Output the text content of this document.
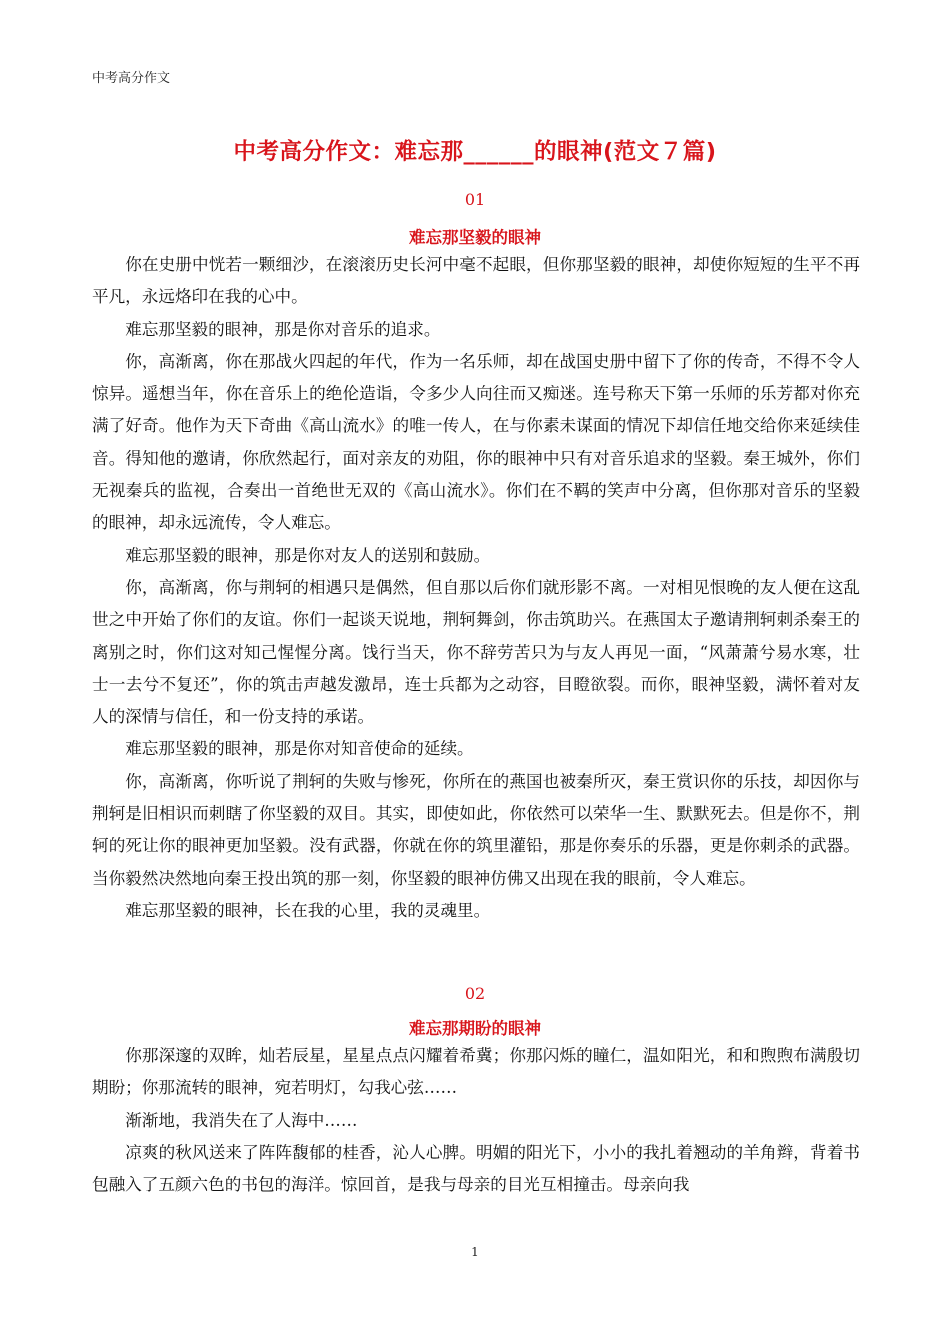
中考高分作文
中考高分作文：难忘那______的眼神(范文７篇)
01
难忘那坚毅的眼神

你在史册中恍若一颗细沙，在滚滚历史长河中毫不起眼，但你那坚毅的眼神，却使你短短的生平不再平凡，永远烙印在我的心中。

难忘那坚毅的眼神，那是你对音乐的追求。

你，高渐离，你在那战火四起的年代，作为一名乐师，却在战国史册中留下了你的传奇，不得不令人惊异。遥想当年，你在音乐上的绝伦造诣，令多少人向往而又痴迷。连号称天下第一乐师的乐芳都对你充满了好奇。他作为天下奇曲《高山流水》的唯一传人，在与你素未谋面的情况下却信任地交给你来延续佳音。得知他的邀请，你欣然起行，面对亲友的劝阻，你的眼神中只有对音乐追求的坚毅。秦王城外，你们无视秦兵的监视，合奏出一首绝世无双的《高山流水》。你们在不羁的笑声中分离，但你那对音乐的坚毅的眼神，却永远流传，令人难忘。

难忘那坚毅的眼神，那是你对友人的送别和鼓励。

你，高渐离，你与荆轲的相遇只是偶然，但自那以后你们就形影不离。一对相见恨晚的友人便在这乱世之中开始了你们的友谊。你们一起谈天说地，荆轲舞剑，你击筑助兴。在燕国太子邀请荆轲刺杀秦王的离别之时，你们这对知己惺惺分离。饯行当天，你不辞劳苦只为与友人再见一面，“风萧萧兮易水寒，壮士一去兮不复还”，你的筑击声越发激昂，连士兵都为之动容，目瞪欲裂。而你，眼神坚毅，满怀着对友人的深情与信任，和一份支持的承诺。

难忘那坚毅的眼神，那是你对知音使命的延续。

你，高渐离，你听说了荆轲的失败与惨死，你所在的燕国也被秦所灭，秦王赏识你的乐技，却因你与荆轲是旧相识而刺瞎了你坚毅的双目。其实，即使如此，你依然可以荣华一生、默默死去。但是你不，荆轲的死让你的眼神更加坚毅。没有武器，你就在你的筑里灌铅，那是你奏乐的乐器，更是你刺杀的武器。当你毅然决然地向秦王投出筑的那一刻，你坚毅的眼神仿佛又出现在我的眼前，令人难忘。

难忘那坚毅的眼神，长在我的心里，我的灵魂里。

02
难忘那期盼的眼神

你那深邃的双眸，灿若辰星，星星点点闪耀着希冀；你那闪烁的瞳仁，温如阳光，和和煦煦布满殷切期盼；你那流转的眼神，宛若明灯，勾我心弦……

渐渐地，我消失在了人海中……

凉爽的秋风送来了阵阵馥郁的桂香，沁人心脾。明媚的阳光下，小小的我扎着翘动的羊角辫，背着书包融入了五颜六色的书包的海洋。惊回首，是我与母亲的目光互相撞击。母亲向我

1
